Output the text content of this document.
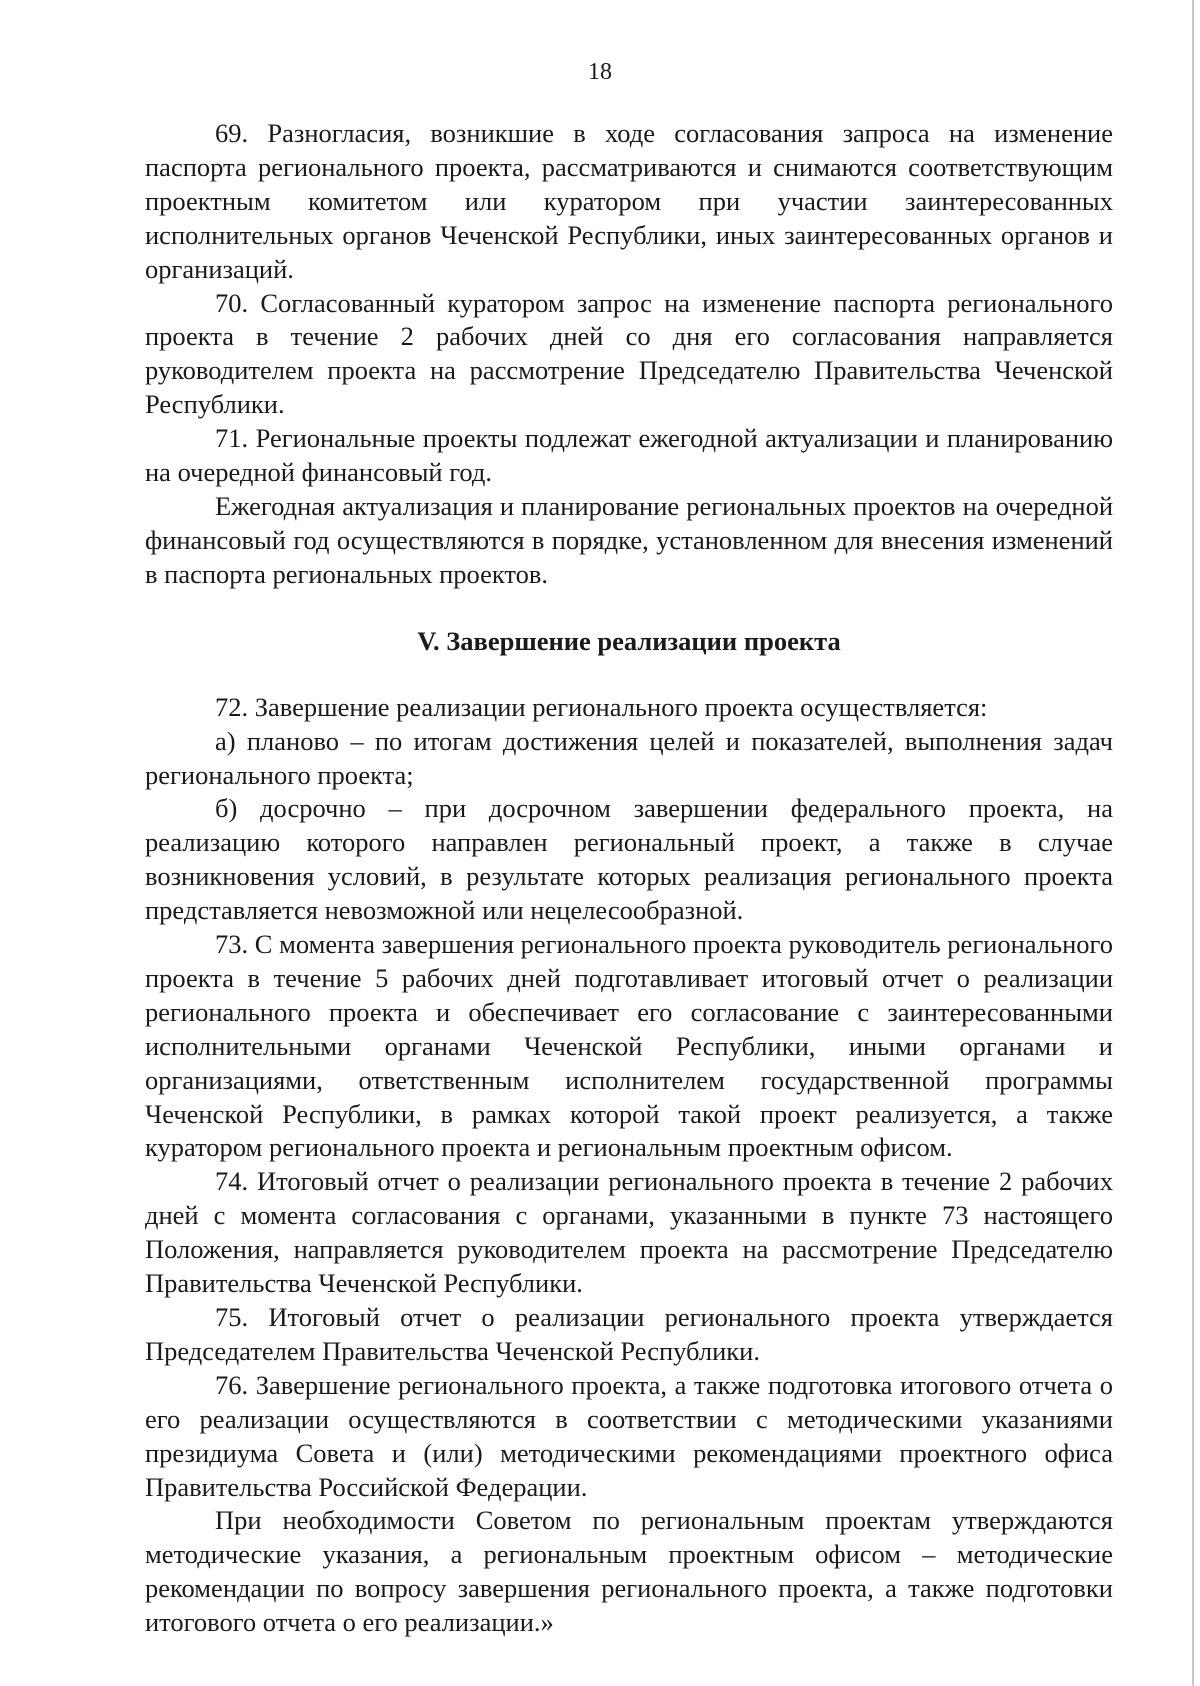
18

69. Разногласия, возникшие в ходе согласования запроса на изменение паспорта регионального проекта, рассматриваются и снимаются соответствующим проектным комитетом или куратором при участии заинтересованных исполнительных органов Чеченской Республики, иных заинтересованных органов и организаций.

70. Согласованный куратором запрос на изменение паспорта регионального проекта в течение 2 рабочих дней со дня его согласования направляется руководителем проекта на рассмотрение Председателю Правительства Чеченской Республики.

71. Региональные проекты подлежат ежегодной актуализации и планированию на очередной финансовый год.

Ежегодная актуализация и планирование региональных проектов на очередной финансовый год осуществляются в порядке, установленном для внесения изменений в паспорта региональных проектов.

V. Завершение реализации проекта

72. Завершение реализации регионального проекта осуществляется:

а) планово – по итогам достижения целей и показателей, выполнения задач регионального проекта;

б) досрочно – при досрочном завершении федерального проекта, на реализацию которого направлен региональный проект, а также в случае возникновения условий, в результате которых реализация регионального проекта представляется невозможной или нецелесообразной.

73. С момента завершения регионального проекта руководитель регионального проекта в течение 5 рабочих дней подготавливает итоговый отчет о реализации регионального проекта и обеспечивает его согласование с заинтересованными исполнительными органами Чеченской Республики, иными органами и организациями, ответственным исполнителем государственной программы Чеченской Республики, в рамках которой такой проект реализуется, а также куратором регионального проекта и региональным проектным офисом.

74. Итоговый отчет о реализации регионального проекта в течение 2 рабочих дней с момента согласования с органами, указанными в пункте 73 настоящего Положения, направляется руководителем проекта на рассмотрение Председателю Правительства Чеченской Республики.

75. Итоговый отчет о реализации регионального проекта утверждается Председателем Правительства Чеченской Республики.

76. Завершение регионального проекта, а также подготовка итогового отчета о его реализации осуществляются в соответствии с методическими указаниями президиума Совета и (или) методическими рекомендациями проектного офиса Правительства Российской Федерации.

При необходимости Советом по региональным проектам утверждаются методические указания, а региональным проектным офисом – методические рекомендации по вопросу завершения регионального проекта, а также подготовки итогового отчета о его реализации.»
